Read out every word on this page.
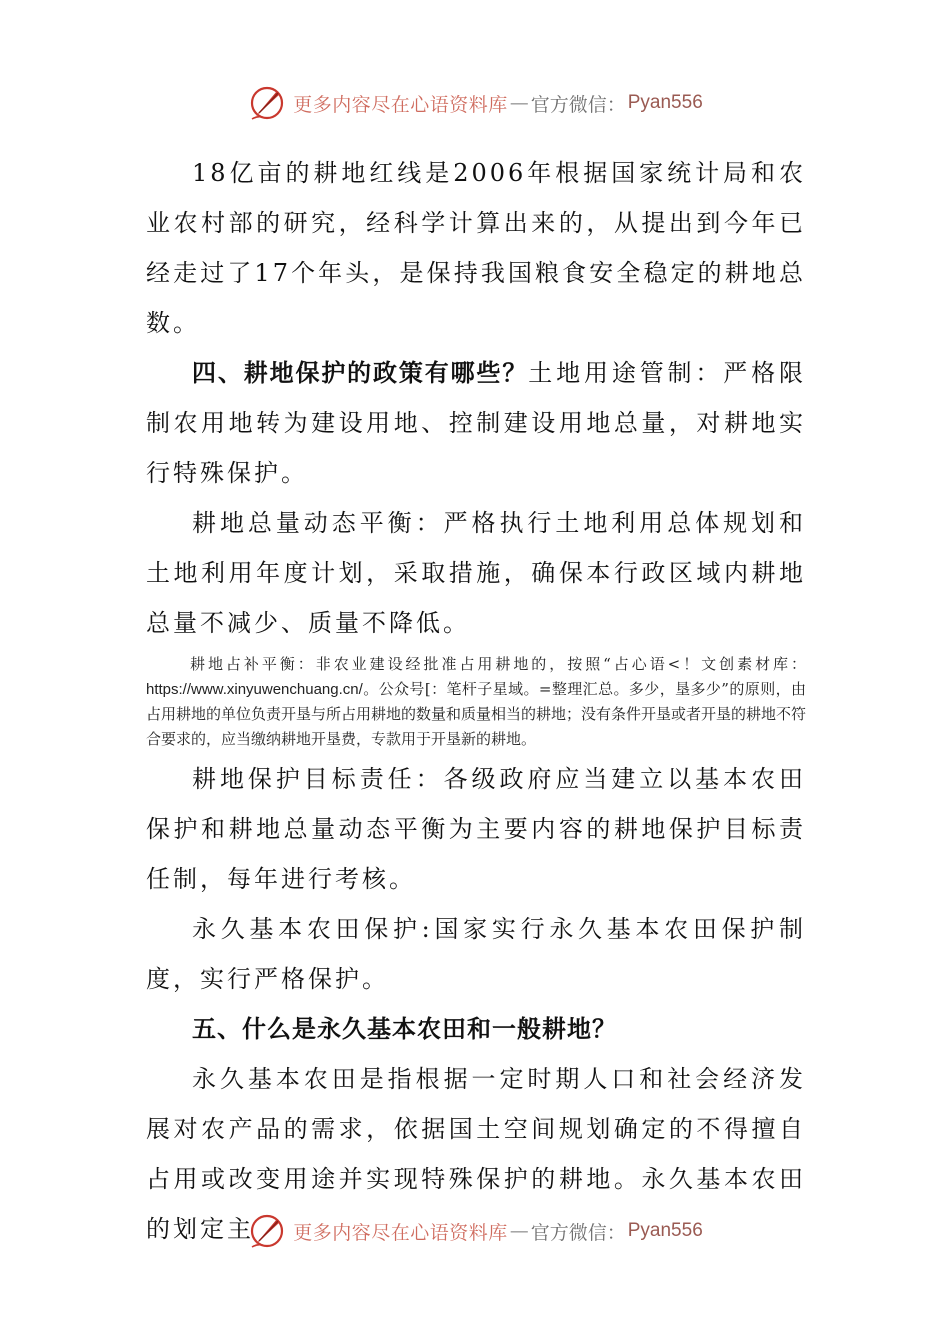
更多内容尽在心语资料库 — 官方微信： Pyan556

18亿亩的耕地红线是2006年根据国家统计局和农业农村部的研究，经科学计算出来的，从提出到今年已经走过了17个年头，是保持我国粮食安全稳定的耕地总数。

四、耕地保护的政策有哪些？土地用途管制：严格限制农用地转为建设用地、控制建设用地总量，对耕地实行特殊保护。

耕地总量动态平衡：严格执行土地利用总体规划和土地利用年度计划，采取措施，确保本行政区域内耕地总量不减少、质量不降低。

耕地占补平衡：非农业建设经批准占用耕地的，按照“占心语<！文创素材库：https://www.xinyuwenchuang.cn/。公众号[：笔杆子星域。=整理汇总。多少，垦多少”的原则，由占用耕地的单位负责开垦与所占用耕地的数量和质量相当的耕地；没有条件开垦或者开垦的耕地不符合要求的，应当缴纳耕地开垦费，专款用于开垦新的耕地。

耕地保护目标责任：各级政府应当建立以基本农田保护和耕地总量动态平衡为主要内容的耕地保护目标责任制，每年进行考核。

永久基本农田保护:国家实行永久基本农田保护制度，实行严格保护。

五、什么是永久基本农田和一般耕地？

永久基本农田是指根据一定时期人口和社会经济发展对农产品的需求，依据国土空间规划确定的不得擅自占用或改变用途并实现特殊保护的耕地。永久基本农田的划定主	更多内容尽在心语资料库 — 官方微信： Pyan556
